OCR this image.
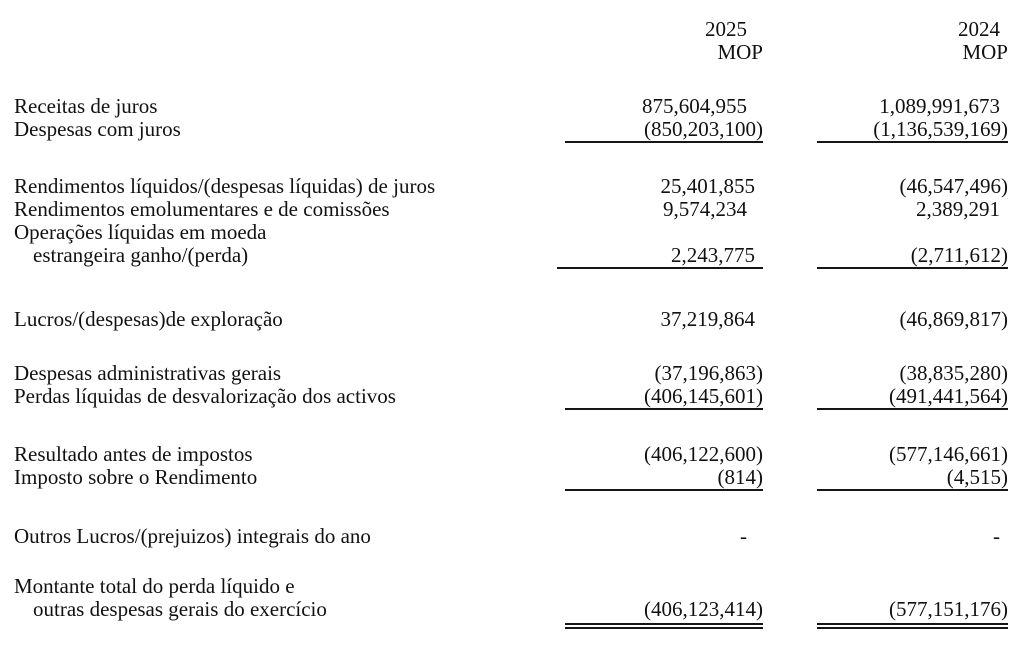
2025	2024
MOP	MOP
Receitas de juros	875,604,955	1,089,991,673
Despesas com juros	(850,203,100)	(1,136,539,169)
Rendimentos líquidos/(despesas líquidas) de juros	25,401,855	(46,547,496)
Rendimentos emolumentares e de comissões	9,574,234	2,389,291
Operações líquidas em moeda
estrangeira ganho/(perda)	2,243,775	(2,711,612)
Lucros/(despesas)de exploração	37,219,864	(46,869,817)
Despesas administrativas gerais	(37,196,863)	(38,835,280)
Perdas líquidas de desvalorização dos activos	(406,145,601)	(491,441,564)
Resultado antes de impostos	(406,122,600)	(577,146,661)
Imposto sobre o Rendimento	(814)	(4,515)
Outros Lucros/(prejuizos) integrais do ano	-	-
Montante total do perda líquido e
outras despesas gerais do exercício	(406,123,414)	(577,151,176)
